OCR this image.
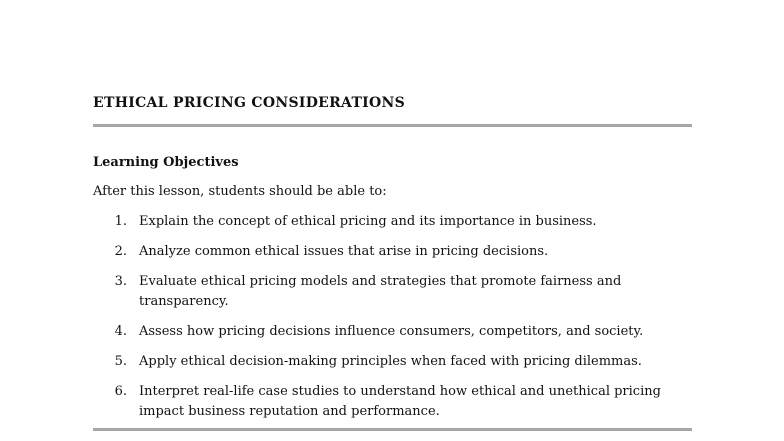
ETHICAL PRICING CONSIDERATIONS
Learning Objectives

After this lesson, students should be able to:

1. Explain the concept of ethical pricing and its importance in business.
2. Analyze common ethical issues that arise in pricing decisions.
3. Evaluate ethical pricing models and strategies that promote fairness and transparency.
4. Assess how pricing decisions influence consumers, competitors, and society.
5. Apply ethical decision-making principles when faced with pricing dilemmas.
6. Interpret real-life case studies to understand how ethical and unethical pricing impact business reputation and performance.
